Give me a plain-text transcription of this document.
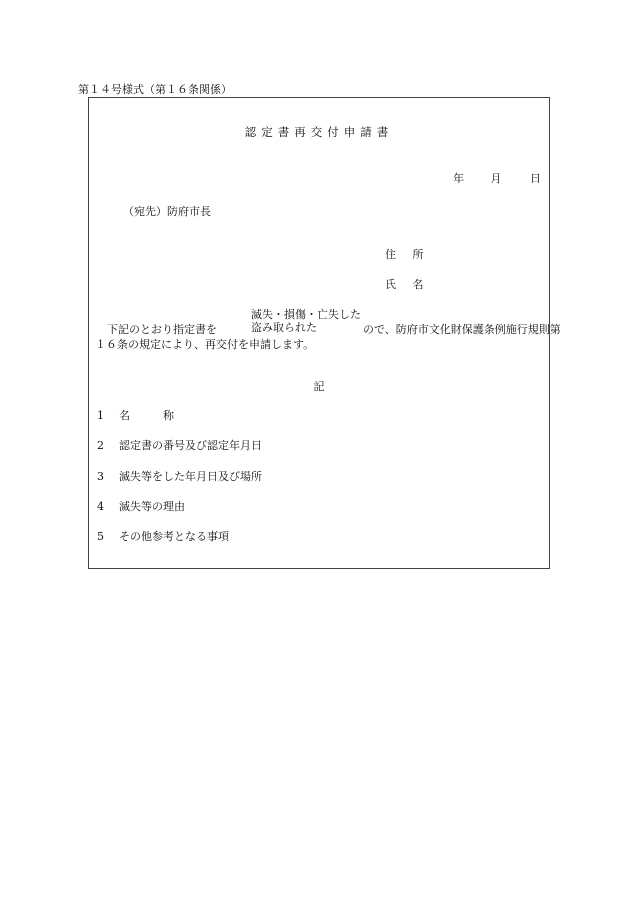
第１４号様式（第１６条関係）
認定書再交付申請書
年 月	日
（宛先）防府市長
住 所
氏 名
下記のとおり指定書を
滅失・損傷・亡失した
盗み取られた	ので、防府市文化財保護条例施行規則第
１６条の規定により、再交付を申請します。
記
1 名　　　称
2 認定書の番号及び認定年月日
3 滅失等をした年月日及び場所
4 滅失等の理由
5 その他参考となる事項
